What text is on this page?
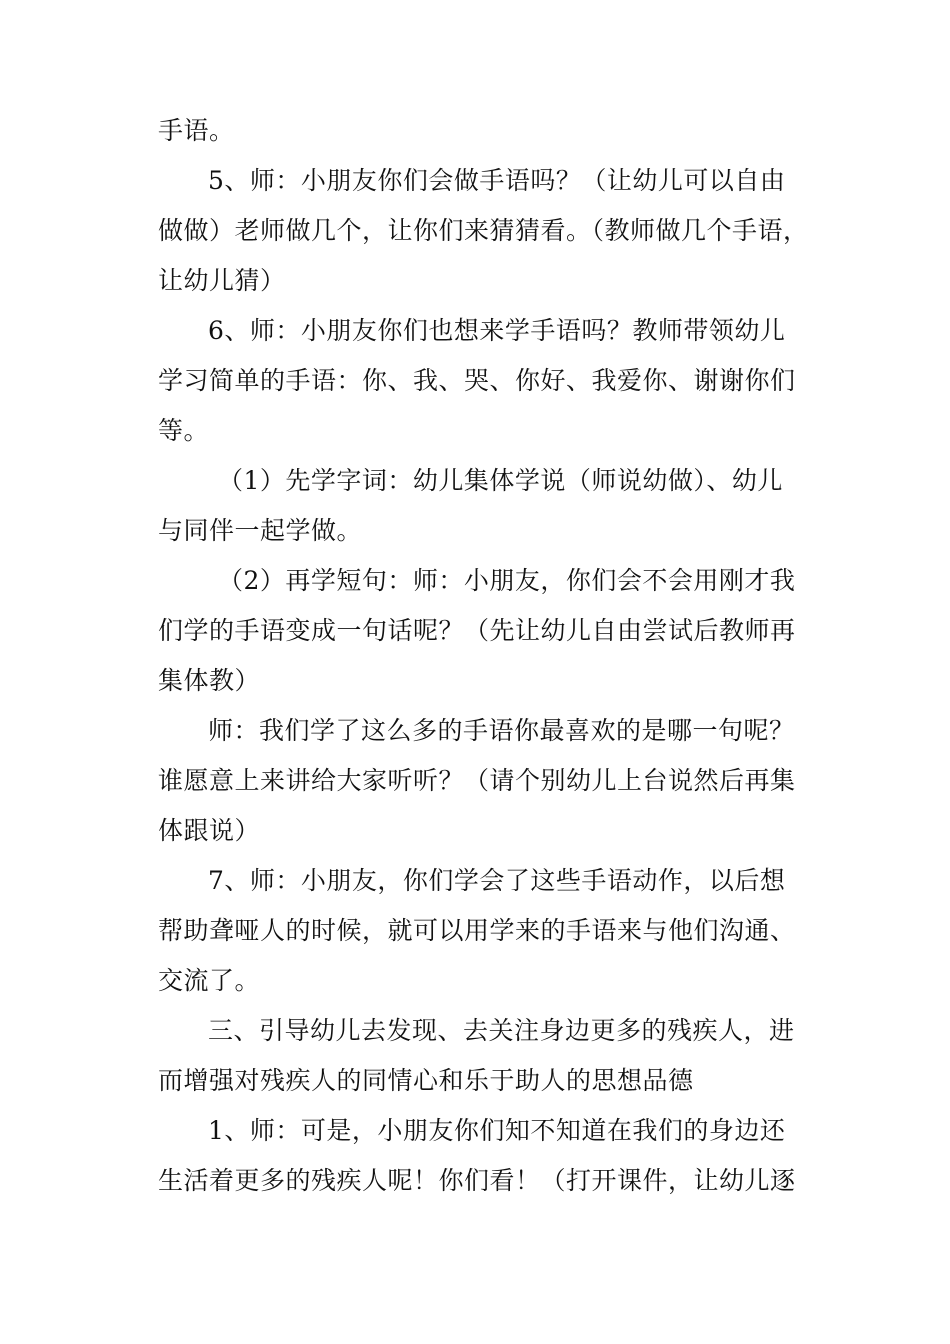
手语。
5、师：小朋友你们会做手语吗？（让幼儿可以自由
做做）老师做几个，让你们来猜猜看。（教师做几个手语，
让幼儿猜）
6、师：小朋友你们也想来学手语吗？教师带领幼儿
学习简单的手语：你、我、哭、你好、我爱你、谢谢你们
等。
（1）先学字词：幼儿集体学说（师说幼做）、幼儿
与同伴一起学做。
（2）再学短句：师：小朋友，你们会不会用刚才我
们学的手语变成一句话呢？（先让幼儿自由尝试后教师再
集体教）
师：我们学了这么多的手语你最喜欢的是哪一句呢？
谁愿意上来讲给大家听听？（请个别幼儿上台说然后再集
体跟说）
7、师：小朋友，你们学会了这些手语动作，以后想
帮助聋哑人的时候，就可以用学来的手语来与他们沟通、
交流了。
三、引导幼儿去发现、去关注身边更多的残疾人，进
而增强对残疾人的同情心和乐于助人的思想品德
1、师：可是，小朋友你们知不知道在我们的身边还
生活着更多的残疾人呢！你们看！（打开课件，让幼儿逐
